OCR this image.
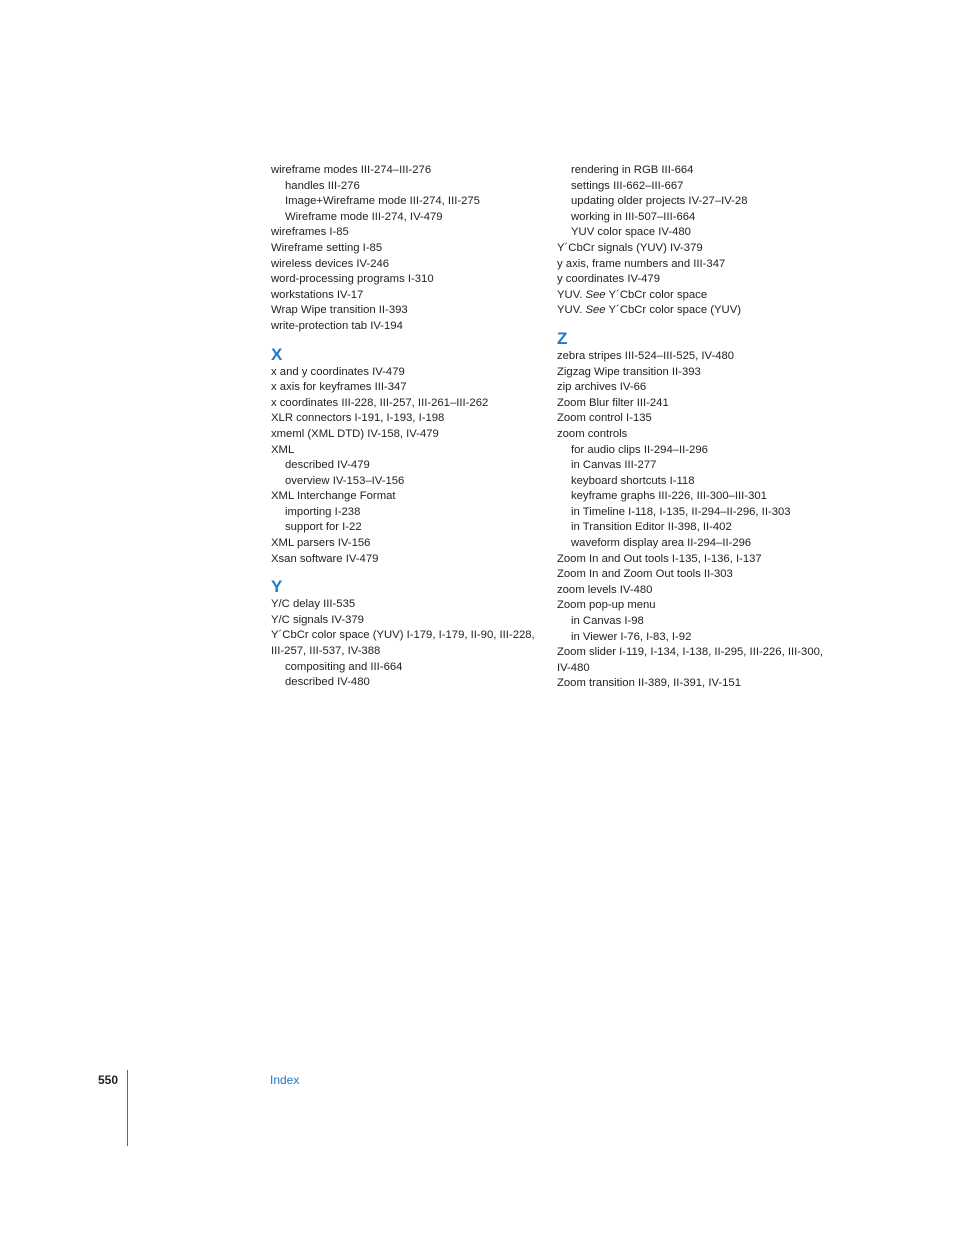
wireframe modes III-274–III-276
handles III-276
Image+Wireframe mode III-274, III-275
Wireframe mode III-274, IV-479
wireframes I-85
Wireframe setting I-85
wireless devices IV-246
word-processing programs I-310
workstations IV-17
Wrap Wipe transition II-393
write-protection tab IV-194
X
x and y coordinates IV-479
x axis for keyframes III-347
x coordinates III-228, III-257, III-261–III-262
XLR connectors I-191, I-193, I-198
xmeml (XML DTD) IV-158, IV-479
XML
described IV-479
overview IV-153–IV-156
XML Interchange Format
importing I-238
support for I-22
XML parsers IV-156
Xsan software IV-479
Y
Y/C delay III-535
Y/C signals IV-379
Y´CbCr color space (YUV) I-179, I-179, II-90, III-228, III-257, III-537, IV-388
compositing and III-664
described IV-480
rendering in RGB III-664
settings III-662–III-667
updating older projects IV-27–IV-28
working in III-507–III-664
YUV color space IV-480
Y´CbCr signals (YUV) IV-379
y axis, frame numbers and III-347
y coordinates IV-479
YUV. See Y´CbCr color space
YUV. See Y´CbCr color space (YUV)
Z
zebra stripes III-524–III-525, IV-480
Zigzag Wipe transition II-393
zip archives IV-66
Zoom Blur filter III-241
Zoom control I-135
zoom controls
for audio clips II-294–II-296
in Canvas III-277
keyboard shortcuts I-118
keyframe graphs III-226, III-300–III-301
in Timeline I-118, I-135, II-294–II-296, II-303
in Transition Editor II-398, II-402
waveform display area II-294–II-296
Zoom In and Out tools I-135, I-136, I-137
Zoom In and Zoom Out tools II-303
zoom levels IV-480
Zoom pop-up menu
in Canvas I-98
in Viewer I-76, I-83, I-92
Zoom slider I-119, I-134, I-138, II-295, III-226, III-300, IV-480
Zoom transition II-389, II-391, IV-151
550	Index
